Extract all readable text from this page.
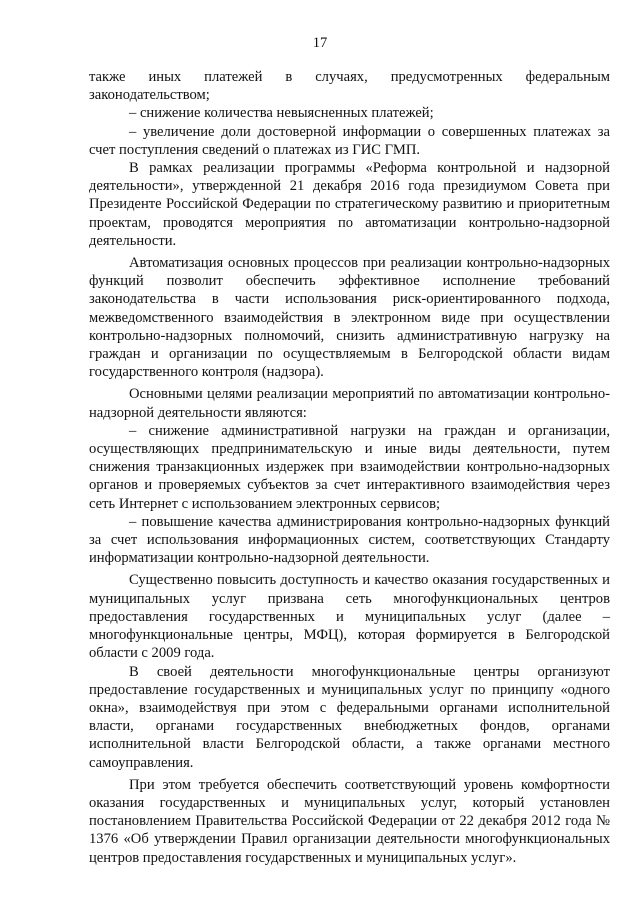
17

также иных платежей в случаях, предусмотренных федеральным законодательством;

– снижение количества невыясненных платежей;

– увеличение доли достоверной информации о совершенных платежах за счет поступления сведений о платежах из ГИС ГМП.

В рамках реализации программы «Реформа контрольной и надзорной деятельности», утвержденной 21 декабря 2016 года президиумом Совета при Президенте Российской Федерации по стратегическому развитию и приоритетным проектам, проводятся мероприятия по автоматизации контрольно-надзорной деятельности.

Автоматизация основных процессов при реализации контрольно-надзорных функций позволит обеспечить эффективное исполнение требований законодательства в части использования риск-ориентированного подхода, межведомственного взаимодействия в электронном виде при осуществлении контрольно-надзорных полномочий, снизить административную нагрузку на граждан и организации по осуществляемым в Белгородской области видам государственного контроля (надзора).

Основными целями реализации мероприятий по автоматизации контрольно-надзорной деятельности являются:

– снижение административной нагрузки на граждан и организации, осуществляющих предпринимательскую и иные виды деятельности, путем снижения транзакционных издержек при взаимодействии контрольно-надзорных органов и проверяемых субъектов за счет интерактивного взаимодействия через сеть Интернет с использованием электронных сервисов;

– повышение качества администрирования контрольно-надзорных функций за счет использования информационных систем, соответствующих Стандарту информатизации контрольно-надзорной деятельности.

Существенно повысить доступность и качество оказания государственных и муниципальных услуг призвана сеть многофункциональных центров предоставления государственных и муниципальных услуг (далее – многофункциональные центры, МФЦ), которая формируется в Белгородской области с 2009 года.

В своей деятельности многофункциональные центры организуют предоставление государственных и муниципальных услуг по принципу «одного окна», взаимодействуя при этом с федеральными органами исполнительной власти, органами государственных внебюджетных фондов, органами исполнительной власти Белгородской области, а также органами местного самоуправления.

При этом требуется обеспечить соответствующий уровень комфортности оказания государственных и муниципальных услуг, который установлен постановлением Правительства Российской Федерации от 22 декабря 2012 года № 1376 «Об утверждении Правил организации деятельности многофункциональных центров предоставления государственных и муниципальных услуг».
